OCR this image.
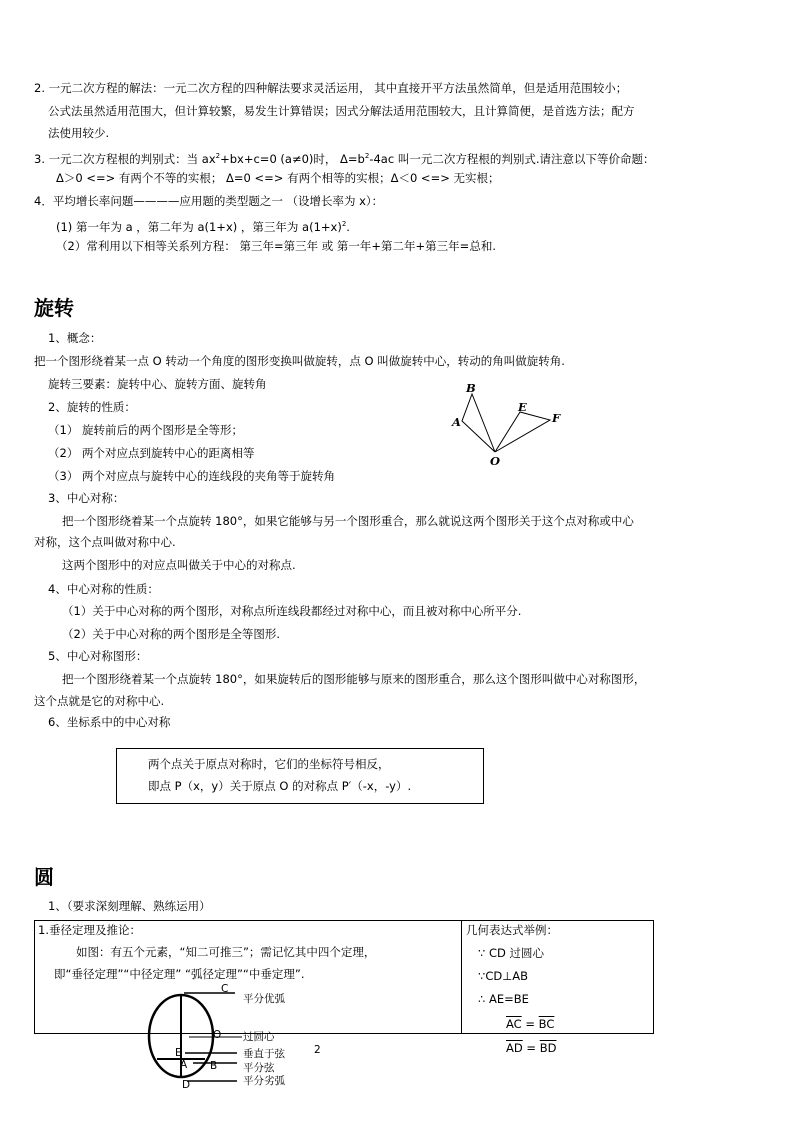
2. 一元二次方程的解法：一元二次方程的四种解法要求灵活运用， 其中直接开平方法虽然简单，但是适用范围较小；
公式法虽然适用范围大，但计算较繁，易发生计算错误；因式分解法适用范围较大，且计算简便，是首选方法；配方
法使用较少.
3. 一元二次方程根的判别式：当 $ax^2+bx+c=0$ (a≠0)时， $\Delta=b^2-4ac$ 叫一元二次方程根的判别式.请注意以下等价命题：
Δ＞0 <=> 有两个不等的实根； Δ=0 <=> 有两个相等的实根；Δ＜0 <=> 无实根；
4．平均增长率问题————应用题的类型题之一 （设增长率为 x）：
(1) 第一年为 a ，第二年为 a(1+x) ，第三年为 $a(1+x)^2$.
（2）常利用以下相等关系列方程： 第三年=第三年 或 第一年+第二年+第三年=总和.
旋转
1、概念：
把一个图形绕着某一点 O 转动一个角度的图形变换叫做旋转，点 O 叫做旋转中心，转动的角叫做旋转角.
旋转三要素：旋转中心、旋转方面、旋转角
2、旋转的性质：
（1） 旋转前后的两个图形是全等形；
（2） 两个对应点到旋转中心的距离相等
（3） 两个对应点与旋转中心的连线段的夹角等于旋转角
3、中心对称：
把一个图形绕着某一个点旋转 180°，如果它能够与另一个图形重合，那么就说这两个图形关于这个点对称或中心
对称，这个点叫做对称中心.
这两个图形中的对应点叫做关于中心的对称点.
4、中心对称的性质：
（1）关于中心对称的两个图形，对称点所连线段都经过对称中心，而且被对称中心所平分.
（2）关于中心对称的两个图形是全等图形.
5、中心对称图形：
把一个图形绕着某一个点旋转 180°，如果旋转后的图形能够与原来的图形重合，那么这个图形叫做中心对称图形，
这个点就是它的对称中心.
6、坐标系中的中心对称
两个点关于原点对称时，它们的坐标符号相反，
即点 P（x，y）关于原点 O 的对称点 P′（-x，-y）.
B
A
O
E
F
圆
1、（要求深刻理解、熟练运用）
1.垂径定理及推论：
如图：有五个元素，“知二可推三”；需记忆其中四个定理，
即“垂径定理”“中径定理” “弧径定理”“中垂定理”.
几何表达式举例：
∵ CD 过圆心
∵CD⊥AB
∴ AE=BE
$\overline{AC} = \overline{BC}$
$\overline{AD} = \overline{BD}$
C
O
E
A B
D
平分优弧
过圆心
垂直于弦
平分弦
平分劣弧
2
